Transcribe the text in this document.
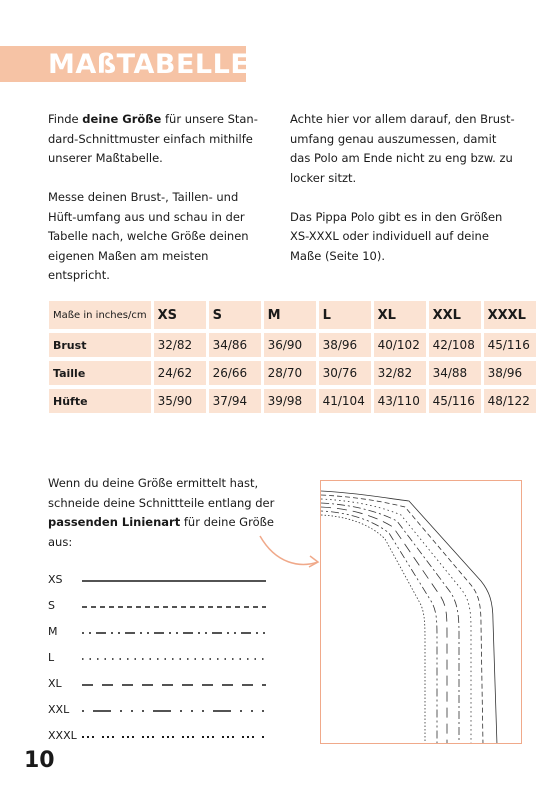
MAßTABELLE

Finde deine Größe für unsere Stan-dard-Schnittmuster einfach mithilfe unserer Maßtabelle.

Messe deinen Brust-, Taillen- und Hüft-umfang aus und schau in der Tabelle nach, welche Größe deinen eigenen Maßen am meisten entspricht.

Achte hier vor allem darauf, den Brust-umfang genau auszumessen, damit das Polo am Ende nicht zu eng bzw. zu locker sitzt.

Das Pippa Polo gibt es in den Größen XS-XXXL oder individuell auf deine Maße (Seite 10).

Maße in inches/cm	XS	S	M	L	XL	XXL	XXXL
Brust	32/82	34/86	36/90	38/96	40/102	42/108	45/116
Taille	24/62	26/66	28/70	30/76	32/82	34/88	38/96
Hüfte	35/90	37/94	39/98	41/104	43/110	45/116	48/122
Wenn du deine Größe ermittelt hast, schneide deine Schnittteile entlang der passenden Linienart für deine Größe aus:
XS
S
M
L
XL
XXL
XXXL
10
